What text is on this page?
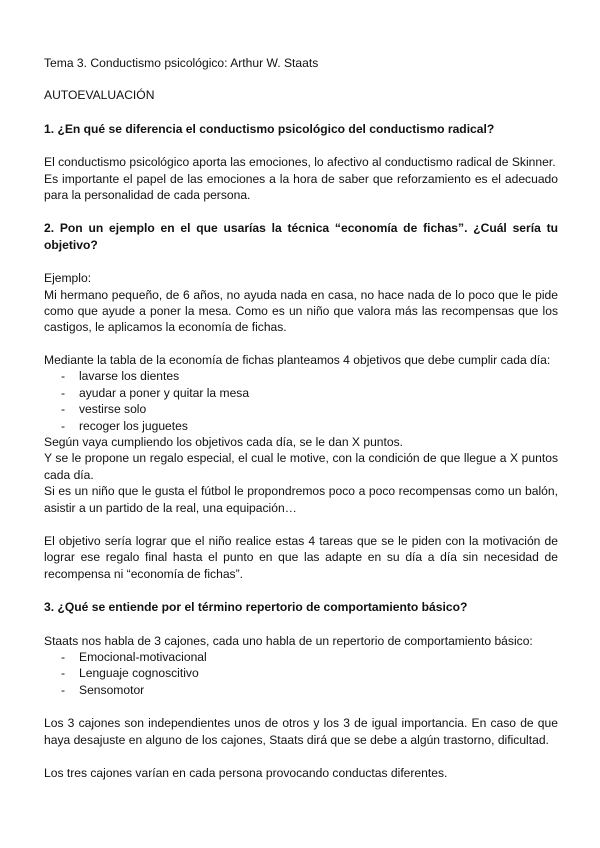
Tema 3. Conductismo psicológico: Arthur W. Staats

AUTOEVALUACIÓN

1. ¿En qué se diferencia el conductismo psicológico del conductismo radical?

El conductismo psicológico aporta las emociones, lo afectivo al conductismo radical de Skinner.

Es importante el papel de las emociones a la hora de saber que reforzamiento es el adecuado para la personalidad de cada persona.

2. Pon un ejemplo en el que usarías la técnica “economía de fichas”. ¿Cuál sería tu objetivo?

Ejemplo:

Mi hermano pequeño, de 6 años, no ayuda nada en casa, no hace nada de lo poco que le pide como que ayude a poner la mesa. Como es un niño que valora más las recompensas que los castigos, le aplicamos la economía de fichas.

Mediante la tabla de la economía de fichas planteamos 4 objetivos que debe cumplir cada día:

- lavarse los dientes
- ayudar a poner y quitar la mesa
- vestirse solo
- recoger los juguetes

Según vaya cumpliendo los objetivos cada día, se le dan X puntos.

Y se le propone un regalo especial, el cual le motive, con la condición de que llegue a X puntos cada día.

Si es un niño que le gusta el fútbol le propondremos poco a poco recompensas como un balón, asistir a un partido de la real, una equipación…

El objetivo sería lograr que el niño realice estas 4 tareas que se le piden con la motivación de lograr ese regalo final hasta el punto en que las adapte en su día a día sin necesidad de recompensa ni “economía de fichas”.

3. ¿Qué se entiende por el término repertorio de comportamiento básico?

Staats nos habla de 3 cajones, cada uno habla de un repertorio de comportamiento básico:

- Emocional-motivacional
- Lenguaje cognoscitivo
- Sensomotor

Los 3 cajones son independientes unos de otros y los 3 de igual importancia. En caso de que haya desajuste en alguno de los cajones, Staats dirá que se debe a algún trastorno, dificultad.

Los tres cajones varían en cada persona provocando conductas diferentes.
